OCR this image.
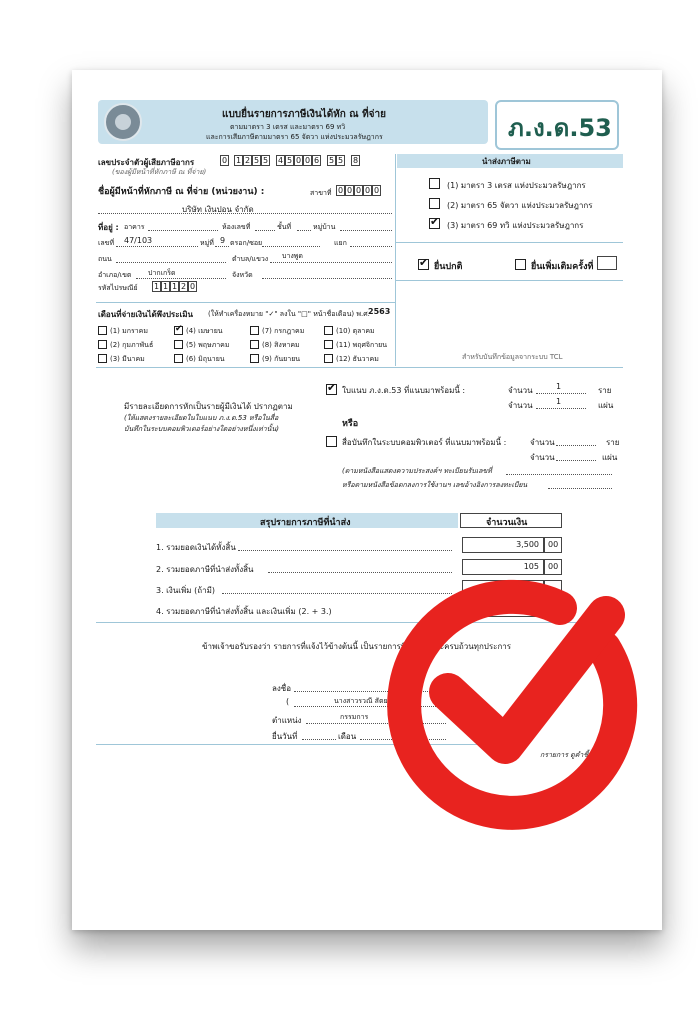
แบบยื่นรายการภาษีเงินได้หัก ณ ที่จ่าย
ตามมาตรา 3 เตรส และมาตรา 69 ทวิ
และการเสียภาษีตามมาตรา 65 จัตวา แห่งประมวลรัษฎากร	ภ.ง.ด.53
เลขประจำตัวผู้เสียภาษีอากร
(ของผู้มีหน้าที่หักภาษี ณ ที่จ่าย)
0 1 2 5 5 4 5 0 0 6 5 5 8	นำส่งภาษีตาม
(1) มาตรา 3 เตรส แห่งประมวลรัษฎากร
(2) มาตรา 65 จัตวา แห่งประมวลรัษฎากร
✔
(3) มาตรา 69 ทวิ แห่งประมวลรัษฎากร
✔
ยื่นปกติ	ยื่นเพิ่มเติมครั้งที่
สำหรับบันทึกข้อมูลจากระบบ TCL
ชื่อผู้มีหน้าที่หักภาษี ณ ที่จ่าย (หน่วยงาน) :	สาขาที่ 0 0 0 0 0
บริษัท เงินปอน จำกัด
ที่อยู่ : อาคาร	ห้องเลขที่	ชั้นที่	หมู่บ้าน
เลขที่ 47/103	หมู่ที่ 9 ตรอก/ซอย	แยก
ถนน	ตำบล/แขวง บางพูด
อำเภอ/เขต ปากเกร็ด	จังหวัด
รหัสไปรษณีย์ 1 1 1 2 0
เดือนที่จ่ายเงินได้พึงประเมิน (ให้ทำเครื่องหมาย "✓" ลงใน "□" หน้าชื่อเดือน) พ.ศ.
2563
(1) มกราคม
(2) กุมภาพันธ์
(3) มีนาคม
✔
(4) เมษายน
(5) พฤษภาคม
(6) มิถุนายน
(7) กรกฎาคม
(8) สิงหาคม
(9) กันยายน
(10) ตุลาคม
(11) พฤศจิกายน
(12) ธันวาคม
มีรายละเอียดการหักเป็นรายผู้มีเงินได้ ปรากฏตาม
(ให้แสดงรายละเอียดในใบแนบ ภ.ง.ด.53 หรือในสื่อ
บันทึกในระบบคอมพิวเตอร์อย่างใดอย่างหนึ่งเท่านั้น)
✔
ใบแนบ ภ.ง.ด.53 ที่แนบมาพร้อมนี้ :	จำนวน	1	ราย
จำนวน	1	แผ่น
หรือ
สื่อบันทึกในระบบคอมพิวเตอร์ ที่แนบมาพร้อมนี้ :	จำนวน	ราย
จำนวน	แผ่น
(ตามหนังสือแสดงความประสงค์ฯ ทะเบียนรับเลขที่
หรือตามหนังสือข้อตกลงการใช้งานฯ เลขอ้างอิงการลงทะเบียน
สรุปรายการภาษีที่นำส่ง	จำนวนเงิน
1. รวมยอดเงินได้ทั้งสิ้น	3,500 00
2. รวมยอดภาษีที่นำส่งทั้งสิ้น	105 00
3. เงินเพิ่ม (ถ้ามี)
4. รวมยอดภาษีที่นำส่งทั้งสิ้น และเงินเพิ่ม (2. + 3.)
ข้าพเจ้าขอรับรองว่า รายการที่แจ้งไว้ข้างต้นนี้ เป็นรายการที่ถูกต้องและครบถ้วนทุกประการ
ลงชื่อ
(	นางสาวรวณี สัตยารักษ์	)
ตำแหน่ง	กรรมการ
ยื่นวันที่	เดือน
กรายการ ดูคำชี้แจง
